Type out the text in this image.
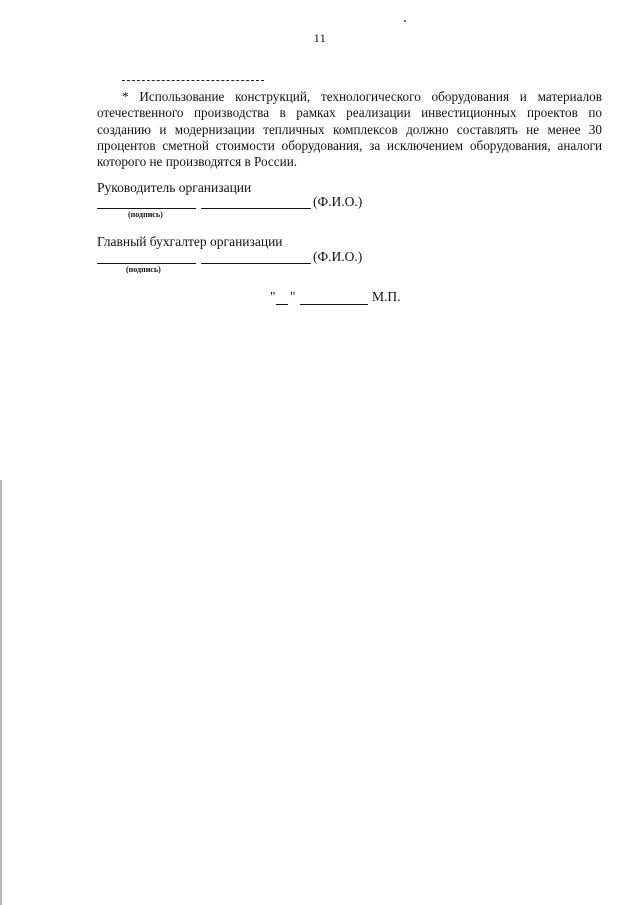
11

* Использование конструкций, технологического оборудования и материалов отечественного производства в рамках реализации инвестиционных проектов по созданию и модернизации тепличных комплексов должно составлять не менее 30 процентов сметной стоимости оборудования, за исключением оборудования, аналоги которого не производятся в России.

Руководитель организации
(подпись)
(Ф.И.О.)
Главный бухгалтер организации
(подпись)
(Ф.И.О.)
" "	М.П.
